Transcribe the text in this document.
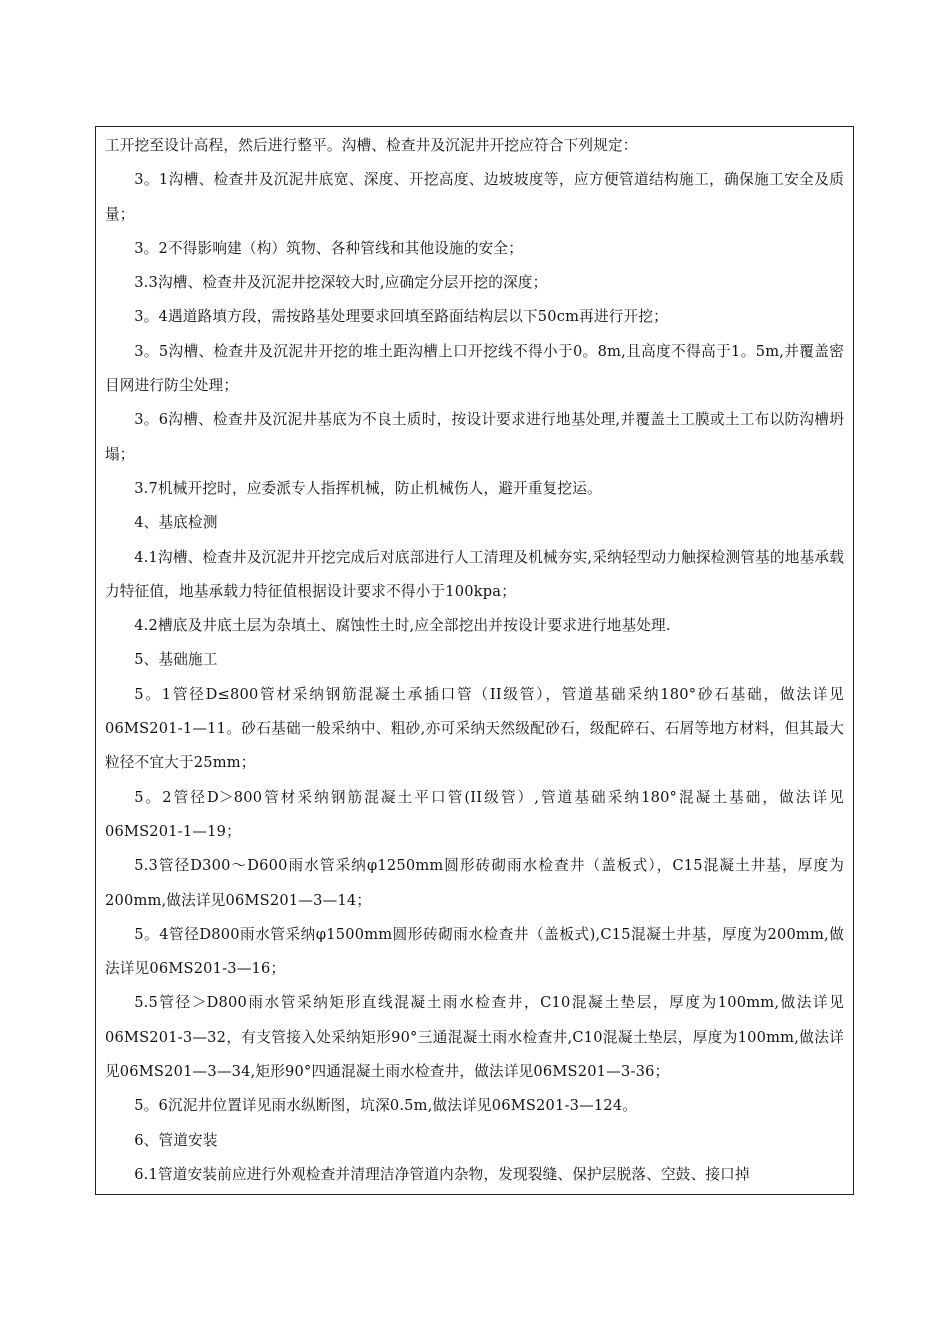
工开挖至设计高程，然后进行整平。沟槽、检查井及沉泥井开挖应符合下列规定：

3。1沟槽、检查井及沉泥井底宽、深度、开挖高度、边坡坡度等，应方便管道结构施工，确保施工安全及质量；

3。2不得影响建（构）筑物、各种管线和其他设施的安全；

3.3沟槽、检查井及沉泥井挖深较大时,应确定分层开挖的深度；

3。4遇道路填方段，需按路基处理要求回填至路面结构层以下50cm再进行开挖；

3。5沟槽、检查井及沉泥井开挖的堆土距沟槽上口开挖线不得小于0。8m,且高度不得高于1。5m,并覆盖密目网进行防尘处理；

3。6沟槽、检查井及沉泥井基底为不良土质时，按设计要求进行地基处理,并覆盖土工膜或土工布以防沟槽坍塌；

3.7机械开挖时，应委派专人指挥机械，防止机械伤人，避开重复挖运。

4、基底检测

4.1沟槽、检查井及沉泥井开挖完成后对底部进行人工清理及机械夯实,采纳轻型动力触探检测管基的地基承载力特征值，地基承载力特征值根据设计要求不得小于100kpa；

4.2槽底及井底土层为杂填土、腐蚀性土时,应全部挖出并按设计要求进行地基处理.

5、基础施工

5。1管径D≤800管材采纳钢筋混凝土承插口管（II级管），管道基础采纳180°砂石基础，做法详见06MS201-1—11。砂石基础一般采纳中、粗砂,亦可采纳天然级配砂石，级配碎石、石屑等地方材料，但其最大粒径不宜大于25mm；

5。2管径D＞800管材采纳钢筋混凝土平口管(II级管）,管道基础采纳180°混凝土基础，做法详见06MS201-1—19；

5.3管径D300～D600雨水管采纳φ1250mm圆形砖砌雨水检查井（盖板式），C15混凝土井基，厚度为200mm,做法详见06MS201—3—14；

5。4管径D800雨水管采纳φ1500mm圆形砖砌雨水检查井（盖板式),C15混凝土井基，厚度为200mm,做法详见06MS201-3—16；

5.5管径＞D800雨水管采纳矩形直线混凝土雨水检查井，C10混凝土垫层，厚度为100mm,做法详见06MS201-3—32，有支管接入处采纳矩形90°三通混凝土雨水检查井,C10混凝土垫层，厚度为100mm,做法详见06MS201—3—34,矩形90°四通混凝土雨水检查井，做法详见06MS201—3-36；

5。6沉泥井位置详见雨水纵断图，坑深0.5m,做法详见06MS201-3—124。

6、管道安装

6.1管道安装前应进行外观检查并清理洁净管道内杂物，发现裂缝、保护层脱落、空鼓、接口掉
